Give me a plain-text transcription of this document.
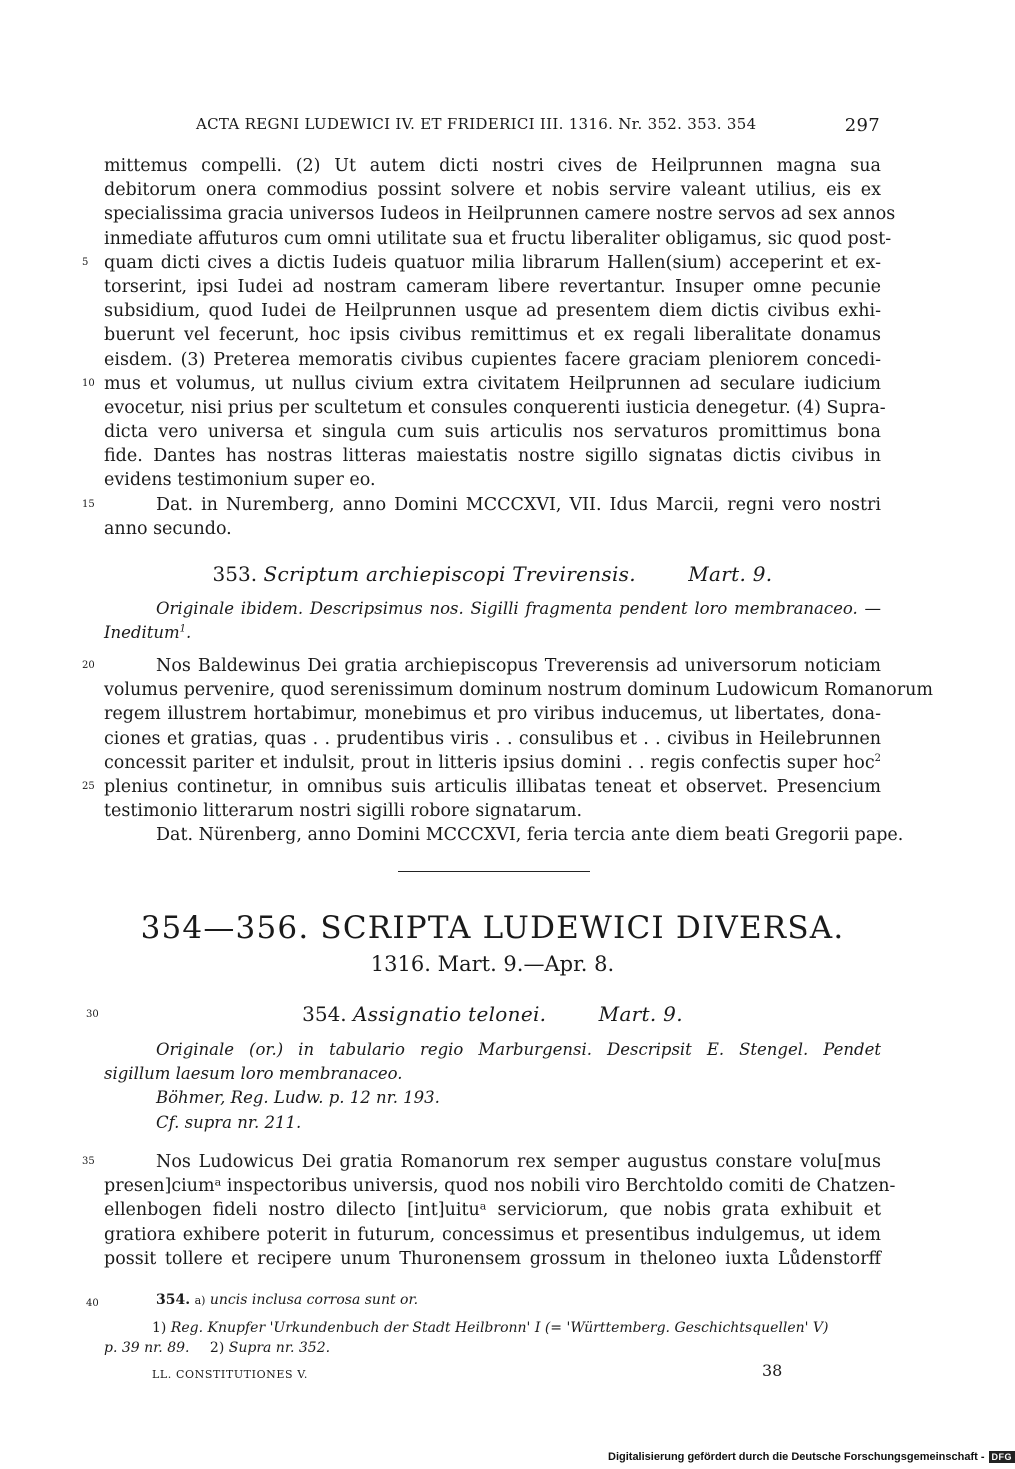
ACTA REGNI LUDEWICI IV. ET FRIDERICI III. 1316. Nr. 352. 353. 354	297
mittemus compelli. (2) Ut autem dicti nostri cives de Heilprunnen magna sua
debitorum onera commodius possint solvere et nobis servire valeant utilius, eis ex
specialissima gracia universos Iudeos in Heilprunnen camere nostre servos ad sex annos
inmediate affuturos cum omni utilitate sua et fructu liberaliter obligamus, sic quod post-
5 quam dicti cives a dictis Iudeis quatuor milia librarum Hallen(sium) acceperint et ex-
torserint, ipsi Iudei ad nostram cameram libere revertantur. Insuper omne pecunie
subsidium, quod Iudei de Heilprunnen usque ad presentem diem dictis civibus exhi-
buerunt vel fecerunt, hoc ipsis civibus remittimus et ex regali liberalitate donamus
eisdem. (3) Preterea memoratis civibus cupientes facere graciam pleniorem concedi-
10 mus et volumus, ut nullus civium extra civitatem Heilprunnen ad seculare iudicium
evocetur, nisi prius per scultetum et consules conquerenti iusticia denegetur. (4) Supra-
dicta vero universa et singula cum suis articulis nos servaturos promittimus bona
fide. Dantes has nostras litteras maiestatis nostre sigillo signatas dictis civibus in
evidens testimonium super eo.
15	Dat. in Nuremberg, anno Domini MCCCXVI, VII. Idus Marcii, regni vero nostri
anno secundo.
353. Scriptum archiepiscopi Trevirensis.	Mart. 9.
Originale ibidem. Descripsimus nos. Sigilli fragmenta pendent loro membranaceo. —
Ineditum$^1$.
20	Nos Baldewinus Dei gratia archiepiscopus Treverensis ad universorum noticiam
volumus pervenire, quod serenissimum dominum nostrum dominum Ludowicum Romanorum
regem illustrem hortabimur, monebimus et pro viribus inducemus, ut libertates, dona-
ciones et gratias, quas . . prudentibus viris . . consulibus et . . civibus in Heilebrunnen
concessit pariter et indulsit, prout in litteris ipsius domini . . regis confectis super hoc$^2$
25 plenius continetur, in omnibus suis articulis illibatas teneat et observet. Presencium
testimonio litterarum nostri sigilli robore signatarum.
Dat. Nürenberg, anno Domini MCCCXVI, feria tercia ante diem beati Gregorii pape.
354—356. SCRIPTA LUDEWICI DIVERSA.
1316. Mart. 9.—Apr. 8.
354. Assignatio telonei.	Mart. 9.
30
Originale (or.) in tabulario regio Marburgensi. Descripsit E. Stengel. Pendet
sigillum laesum loro membranaceo.
Böhmer, Reg. Ludw. p. 12 nr. 193.
Cf. supra nr. 211.
35	Nos Ludowicus Dei gratia Romanorum rex semper augustus constare volu[mus
presen]ciumᵃ inspectoribus universis, quod nos nobili viro Berchtoldo comiti de Chatzen-
ellenbogen fideli nostro dilecto [int]uituᵃ serviciorum, que nobis grata exhibuit et
gratiora exhibere poterit in futurum, concessimus et presentibus indulgemus, ut idem
possit tollere et recipere unum Thuronensem grossum in theloneo iuxta Lůdenstorff
40	354. a) uncis inclusa corrosa sunt or.
1) Reg. Knupfer 'Urkundenbuch der Stadt Heilbronn' I (= 'Württemberg. Geschichtsquellen' V)
p. 39 nr. 89. 2) Supra nr. 352.
LL. CONSTITUTIONES V.	38
Digitalisierung gefördert durch die Deutsche Forschungsgemeinschaft - DFG
